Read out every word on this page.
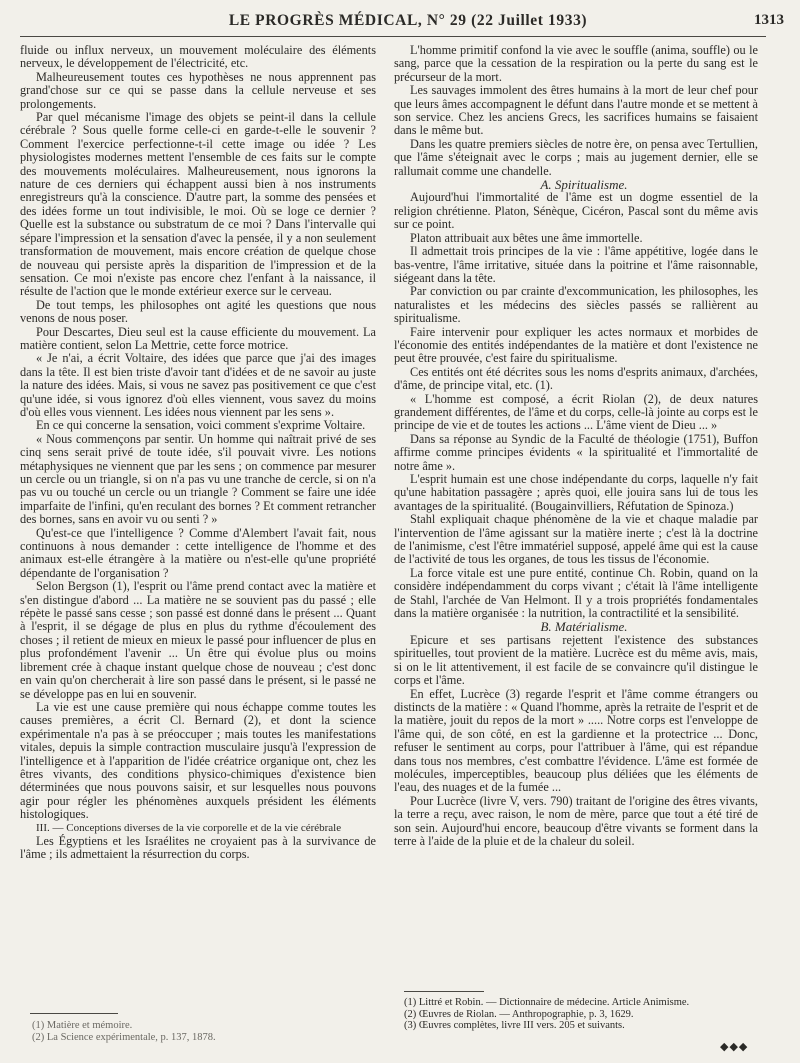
LE PROGRÈS MÉDICAL, N° 29 (22 Juillet 1933)	1313

fluide ou influx nerveux, un mouvement moléculaire des éléments nerveux, le développement de l'électricité, etc.

Malheureusement toutes ces hypothèses ne nous apprennent pas grand'chose sur ce qui se passe dans la cellule nerveuse et ses prolongements.

Par quel mécanisme l'image des objets se peint-il dans la cellule cérébrale ? Sous quelle forme celle-ci en garde-t-elle le souvenir ? Comment l'exercice perfectionne-t-il cette image ou idée ? Les physiologistes modernes mettent l'ensemble de ces faits sur le compte des mouvements moléculaires. Malheureusement, nous ignorons la nature de ces derniers qui échappent aussi bien à nos instruments enregistreurs qu'à la conscience. D'autre part, la somme des pensées et des idées forme un tout indivisible, le moi. Où se loge ce dernier ? Quelle est la substance ou substratum de ce moi ? Dans l'intervalle qui sépare l'impression et la sensation d'avec la pensée, il y a non seulement transformation de mouvement, mais encore création de quelque chose de nouveau qui persiste après la disparition de l'impression et de la sensation. Ce moi n'existe pas encore chez l'enfant à la naissance, il résulte de l'action que le monde extérieur exerce sur le cerveau.

De tout temps, les philosophes ont agité les questions que nous venons de nous poser.

Pour Descartes, Dieu seul est la cause efficiente du mouvement. La matière contient, selon La Mettrie, cette force motrice.

« Je n'ai, a écrit Voltaire, des idées que parce que j'ai des images dans la tête. Il est bien triste d'avoir tant d'idées et de ne savoir au juste la nature des idées. Mais, si vous ne savez pas positivement ce que c'est qu'une idée, si vous ignorez d'où elles viennent, vous savez du moins d'où elles vous viennent. Les idées nous viennent par les sens ».

En ce qui concerne la sensation, voici comment s'exprime Voltaire.

« Nous commençons par sentir. Un homme qui naîtrait privé de ses cinq sens serait privé de toute idée, s'il pouvait vivre. Les notions métaphysiques ne viennent que par les sens ; on commence par mesurer un cercle ou un triangle, si on n'a pas vu une tranche de cercle, si on n'a pas vu ou touché un cercle ou un triangle ? Comment se faire une idée imparfaite de l'infini, qu'en reculant des bornes ? Et comment retrancher des bornes, sans en avoir vu ou senti ? »

Qu'est-ce que l'intelligence ? Comme d'Alembert l'avait fait, nous continuons à nous demander : cette intelligence de l'homme et des animaux est-elle étrangère à la matière ou n'est-elle qu'une propriété dépendante de l'organisation ?

Selon Bergson (1), l'esprit ou l'âme prend contact avec la matière et s'en distingue d'abord ... La matière ne se souvient pas du passé ; elle répète le passé sans cesse ; son passé est donné dans le présent ... Quant à l'esprit, il se dégage de plus en plus du rythme d'écoulement des choses ; il retient de mieux en mieux le passé pour influencer de plus en plus profondément l'avenir ... Un être qui évolue plus ou moins librement crée à chaque instant quelque chose de nouveau ; c'est donc en vain qu'on chercherait à lire son passé dans le présent, si le passé ne se développe pas en lui en souvenir.

La vie est une cause première qui nous échappe comme toutes les causes premières, a écrit Cl. Bernard (2), et dont la science expérimentale n'a pas à se préoccuper ; mais toutes les manifestations vitales, depuis la simple contraction musculaire jusqu'à l'expression de l'intelligence et à l'apparition de l'idée créatrice organique ont, chez les êtres vivants, des conditions physico-chimiques d'existence bien déterminées que nous pouvons saisir, et sur lesquelles nous pouvons agir pour régler les phénomènes auxquels président les éléments histologiques.

III. — Conceptions diverses de la vie corporelle et de la vie cérébrale

Les Égyptiens et les Israélites ne croyaient pas à la survivance de l'âme ; ils admettaient la résurrection du corps.

L'homme primitif confond la vie avec le souffle (anima, souffle) ou le sang, parce que la cessation de la respiration ou la perte du sang est le précurseur de la mort.

Les sauvages immolent des êtres humains à la mort de leur chef pour que leurs âmes accompagnent le défunt dans l'autre monde et se mettent à son service. Chez les anciens Grecs, les sacrifices humains se faisaient dans le même but.

Dans les quatre premiers siècles de notre ère, on pensa avec Tertullien, que l'âme s'éteignait avec le corps ; mais au jugement dernier, elle se rallumait comme une chandelle.

A. Spiritualisme.

Aujourd'hui l'immortalité de l'âme est un dogme essentiel de la religion chrétienne. Platon, Sénèque, Cicéron, Pascal sont du même avis sur ce point.

Platon attribuait aux bêtes une âme immortelle.

Il admettait trois principes de la vie : l'âme appétitive, logée dans le bas-ventre, l'âme irritative, située dans la poitrine et l'âme raisonnable, siégeant dans la tête.

Par conviction ou par crainte d'excommunication, les philosophes, les naturalistes et les médecins des siècles passés se rallièrent au spiritualisme.

Faire intervenir pour expliquer les actes normaux et morbides de l'économie des entités indépendantes de la matière et dont l'existence ne peut être prouvée, c'est faire du spiritualisme.

Ces entités ont été décrites sous les noms d'esprits animaux, d'archées, d'âme, de principe vital, etc. (1).

« L'homme est composé, a écrit Riolan (2), de deux natures grandement différentes, de l'âme et du corps, celle-là jointe au corps est le principe de vie et de toutes les actions ... L'âme vient de Dieu ... »

Dans sa réponse au Syndic de la Faculté de théologie (1751), Buffon affirme comme principes évidents « la spiritualité et l'immortalité de notre âme ».

L'esprit humain est une chose indépendante du corps, laquelle n'y fait qu'une habitation passagère ; après quoi, elle jouira sans lui de tous les avantages de la spiritualité. (Bougainvilliers, Réfutation de Spinoza.)

Stahl expliquait chaque phénomène de la vie et chaque maladie par l'intervention de l'âme agissant sur la matière inerte ; c'est là la doctrine de l'animisme, c'est l'être immatériel supposé, appelé âme qui est la cause de l'activité de tous les organes, de tous les tissus de l'économie.

La force vitale est une pure entité, continue Ch. Robin, quand on la considère indépendamment du corps vivant ; c'était là l'âme intelligente de Stahl, l'archée de Van Helmont. Il y a trois propriétés fondamentales dans la matière organisée : la nutrition, la contractilité et la sensibilité.

B. Matérialisme.

Epicure et ses partisans rejettent l'existence des substances spirituelles, tout provient de la matière. Lucrèce est du même avis, mais, si on le lit attentivement, il est facile de se convaincre qu'il distingue le corps et l'âme.

En effet, Lucrèce (3) regarde l'esprit et l'âme comme étrangers ou distincts de la matière : « Quand l'homme, après la retraite de l'esprit et de la matière, jouit du repos de la mort » ..... Notre corps est l'enveloppe de l'âme qui, de son côté, en est la gardienne et la protectrice ... Donc, refuser le sentiment au corps, pour l'attribuer à l'âme, qui est répandue dans tous nos membres, c'est combattre l'évidence. L'âme est formée de molécules, imperceptibles, beaucoup plus déliées que les éléments de l'eau, des nuages et de la fumée ...

Pour Lucrèce (livre V, vers. 790) traitant de l'origine des êtres vivants, la terre a reçu, avec raison, le nom de mère, parce que tout a été tiré de son sein. Aujourd'hui encore, beaucoup d'être vivants se forment dans la terre à l'aide de la pluie et de la chaleur du soleil.

(1) Matière et mémoire.

(2) La Science expérimentale, p. 137, 1878.

(1) Littré et Robin. — Dictionnaire de médecine. Article Animisme.

(2) Œuvres de Riolan. — Anthropographie, p. 3, 1629.

(3) Œuvres complètes, livre III vers. 205 et suivants.

◆◆◆
